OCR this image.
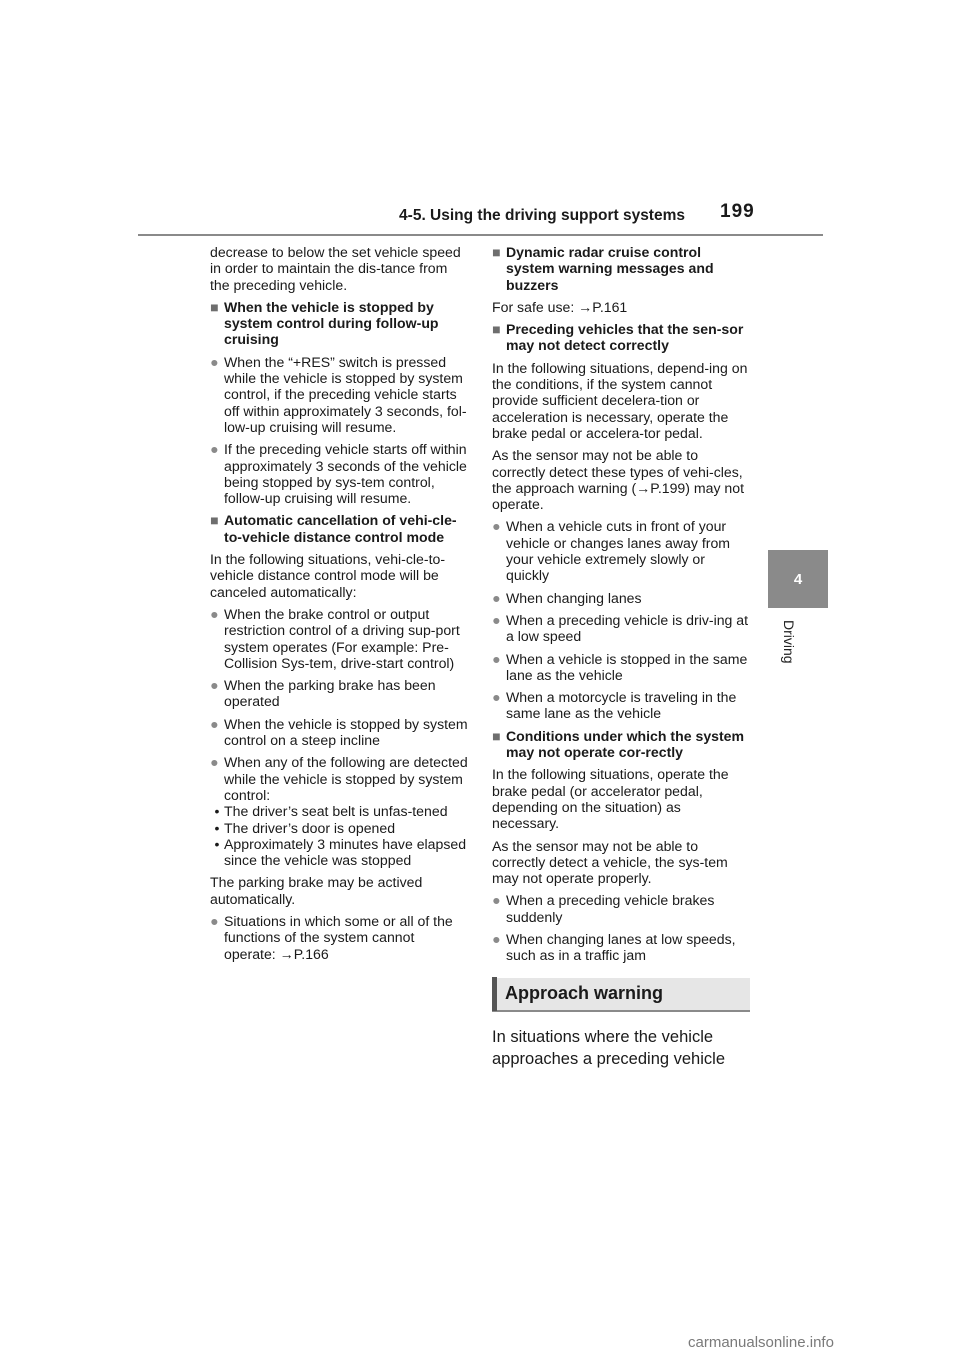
4-5. Using the driving support systems 199
4
Driving

decrease to below the set vehicle speed in order to maintain the dis-tance from the preceding vehicle.

■ When the vehicle is stopped by system control during follow-up cruising
● When the “+RES” switch is pressed while the vehicle is stopped by system control, if the preceding vehicle starts off within approximately 3 seconds, fol-low-up cruising will resume.
● If the preceding vehicle starts off within approximately 3 seconds of the vehicle being stopped by sys-tem control, follow-up cruising will resume.
■ Automatic cancellation of vehi-cle-to-vehicle distance control mode

In the following situations, vehi-cle-to-vehicle distance control mode will be canceled automatically:

● When the brake control or output restriction control of a driving sup-port system operates (For example: Pre-Collision Sys-tem, drive-start control)
● When the parking brake has been operated
● When the vehicle is stopped by system control on a steep incline
● When any of the following are detected while the vehicle is stopped by system control:
• The driver’s seat belt is unfas-tened
• The driver’s door is opened
• Approximately 3 minutes have elapsed since the vehicle was stopped

The parking brake may be actived automatically.

● Situations in which some or all of the functions of the system cannot operate: →P.166
■ Dynamic radar cruise control system warning messages and buzzers

For safe use: →P.161

■ Preceding vehicles that the sen-sor may not detect correctly

In the following situations, depend-ing on the conditions, if the system cannot provide sufficient decelera-tion or acceleration is necessary, operate the brake pedal or accelera-tor pedal.

As the sensor may not be able to correctly detect these types of vehi-cles, the approach warning (→P.199) may not operate.

● When a vehicle cuts in front of your vehicle or changes lanes away from your vehicle extremely slowly or quickly
● When changing lanes
● When a preceding vehicle is driv-ing at a low speed
● When a vehicle is stopped in the same lane as the vehicle
● When a motorcycle is traveling in the same lane as the vehicle
■ Conditions under which the system may not operate cor-rectly

In the following situations, operate the brake pedal (or accelerator pedal, depending on the situation) as necessary.

As the sensor may not be able to correctly detect a vehicle, the sys-tem may not operate properly.

● When a preceding vehicle brakes suddenly
● When changing lanes at low speeds, such as in a traffic jam
Approach warning

In situations where the vehicle approaches a preceding vehicle

carmanualsonline.info
